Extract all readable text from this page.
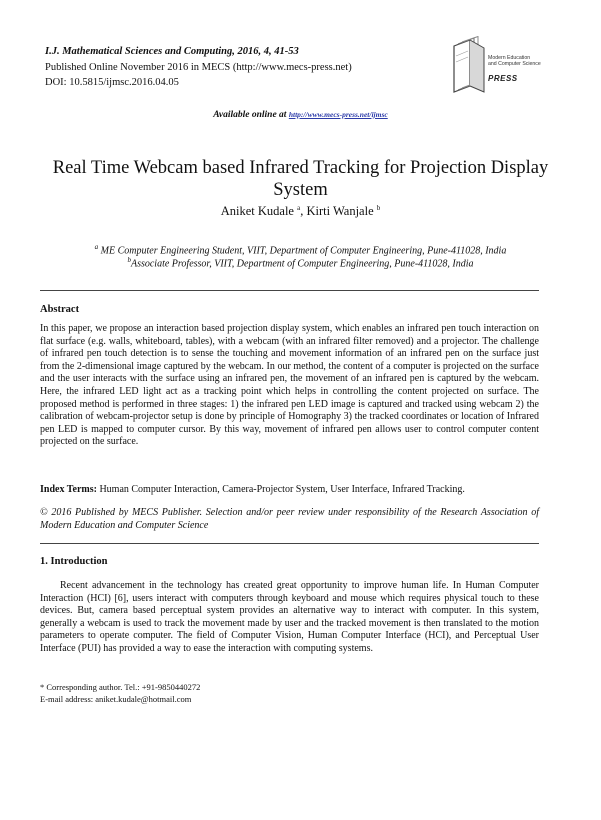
I.J. Mathematical Sciences and Computing, 2016, 4, 41-53
Published Online November 2016 in MECS (http://www.mecs-press.net)
DOI: 10.5815/ijmsc.2016.04.05
Modern Education
and Computer Science
PRESS
Available online at http://www.mecs-press.net/ijmsc
Real Time Webcam based Infrared Tracking for Projection Display System
Aniket Kudale $^a$, Kirti Wanjale $^b$
$^a$ ME Computer Engineering Student, VIIT, Department of Computer Engineering, Pune-411028, India
$^b$Associate Professor, VIIT, Department of Computer Engineering, Pune-411028, India
Abstract
In this paper, we propose an interaction based projection display system, which enables an infrared pen touch interaction on flat surface (e.g. walls, whiteboard, tables), with a webcam (with an infrared filter removed) and a projector. The challenge of infrared pen touch detection is to sense the touching and movement information of an infrared pen on the surface just from the 2-dimensional image captured by the webcam. In our method, the content of a computer is projected on the surface and the user interacts with the surface using an infrared pen, the movement of an infrared pen is captured by the webcam. Here, the infrared LED light act as a tracking point which helps in controlling the content projected on surface. The proposed method is performed in three stages: 1) the infrared pen LED image is captured and tracked using webcam 2) the calibration of webcam-projector setup is done by principle of Homography 3) the tracked coordinates or location of Infrared pen LED is mapped to computer cursor. By this way, movement of infrared pen allows user to control computer content projected on the surface.
Index Terms: Human Computer Interaction, Camera-Projector System, User Interface, Infrared Tracking.
© 2016 Published by MECS Publisher. Selection and/or peer review under responsibility of the Research Association of Modern Education and Computer Science
1. Introduction
Recent advancement in the technology has created great opportunity to improve human life. In Human Computer Interaction (HCI) [6], users interact with computers through keyboard and mouse which requires physical touch to these devices. But, camera based perceptual system provides an alternative way to interact with computer. In this system, generally a webcam is used to track the movement made by user and the tracked movement is then translated to the motion parameters to operate computer. The field of Computer Vision, Human Computer Interface (HCI), and Perceptual User Interface (PUI) has provided a way to ease the interaction with computing systems.
* Corresponding author. Tel.: +91-9850440272
E-mail address: aniket.kudale@hotmail.com
